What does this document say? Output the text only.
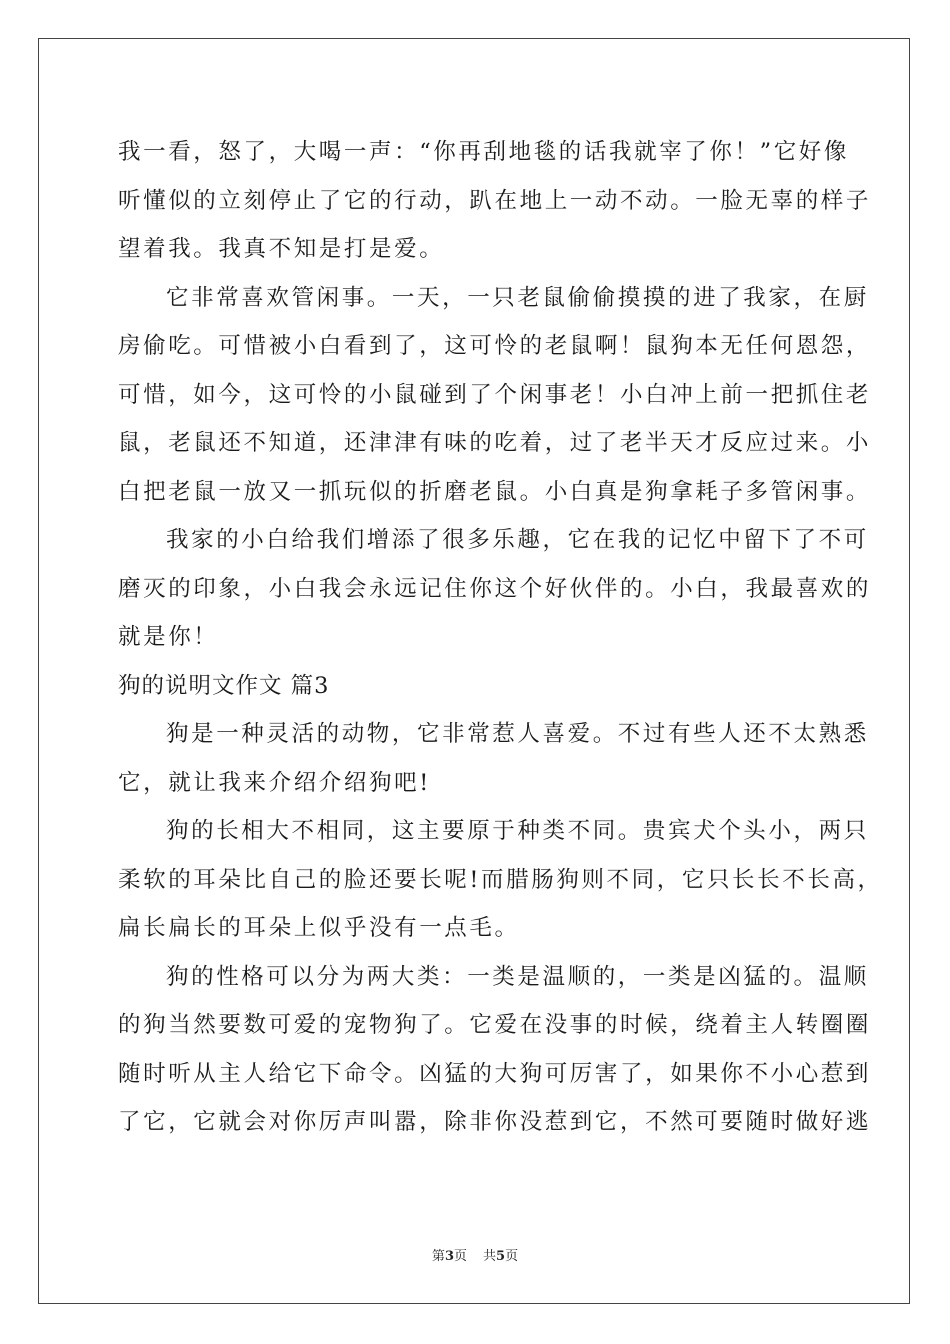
我一看，怒了，大喝一声：“你再刮地毯的话我就宰了你！”它好像
听懂似的立刻停止了它的行动，趴在地上一动不动。一脸无辜的样子
望着我。我真不知是打是爱。
它非常喜欢管闲事。一天，一只老鼠偷偷摸摸的进了我家，在厨
房偷吃。可惜被小白看到了，这可怜的老鼠啊！鼠狗本无任何恩怨，
可惜，如今，这可怜的小鼠碰到了个闲事老！小白冲上前一把抓住老
鼠，老鼠还不知道，还津津有味的吃着，过了老半天才反应过来。小
白把老鼠一放又一抓玩似的折磨老鼠。小白真是狗拿耗子多管闲事。
我家的小白给我们增添了很多乐趣，它在我的记忆中留下了不可
磨灭的印象，小白我会永远记住你这个好伙伴的。小白，我最喜欢的
就是你！
狗的说明文作文 篇3
狗是一种灵活的动物，它非常惹人喜爱。不过有些人还不太熟悉
它，就让我来介绍介绍狗吧!
狗的长相大不相同，这主要原于种类不同。贵宾犬个头小，两只
柔软的耳朵比自己的脸还要长呢!而腊肠狗则不同，它只长长不长高，
扁长扁长的耳朵上似乎没有一点毛。
狗的性格可以分为两大类：一类是温顺的，一类是凶猛的。温顺
的狗当然要数可爱的宠物狗了。它爱在没事的时候，绕着主人转圈圈
随时听从主人给它下命令。凶猛的大狗可厉害了，如果你不小心惹到
了它，它就会对你厉声叫嚣，除非你没惹到它，不然可要随时做好逃
第3页 共5页
